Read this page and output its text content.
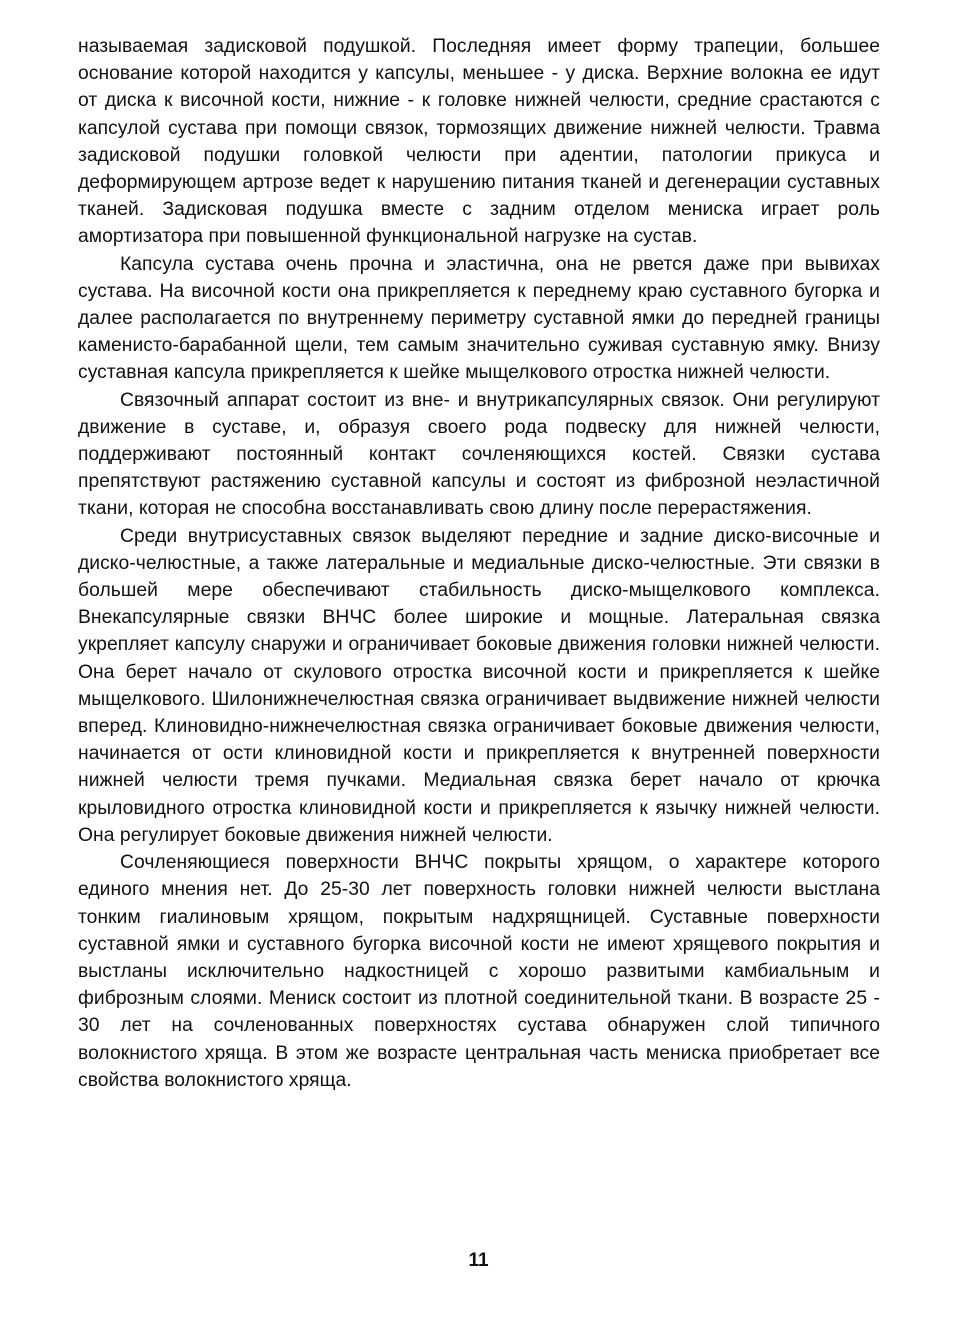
называемая задисковой подушкой. Последняя имеет форму трапеции, большее основание которой находится у капсулы, меньшее - у диска. Верхние волокна ее идут от диска к височной кости, нижние - к головке нижней челюсти, средние срастаются с капсулой сустава при помощи связок, тормозящих движение нижней челюсти. Травма задисковой подушки головкой челюсти при адентии, патологии прикуса и деформирующем артрозе ведет к нарушению питания тканей и дегенерации суставных тканей. Задисковая подушка вместе с задним отделом мениска играет роль амортизатора при повышенной функциональной нагрузке на сустав.

Капсула сустава очень прочна и эластична, она не рвется даже при вывихах сустава. На височной кости она прикрепляется к переднему краю суставного бугорка и далее располагается по внутреннему периметру суставной ямки до передней границы каменисто-барабанной щели, тем самым значительно суживая суставную ямку. Внизу суставная капсула прикрепляется к шейке мыщелкового отростка нижней челюсти.

Связочный аппарат состоит из вне- и внутрикапсулярных связок. Они регулируют движение в суставе, и, образуя своего рода подвеску для нижней челюсти, поддерживают постоянный контакт сочленяющихся костей. Связки сустава препятствуют растяжению суставной капсулы и состоят из фиброзной неэластичной ткани, которая не способна восстанавливать свою длину после перерастяжения.

Среди внутрисуставных связок выделяют передние и задние диско-височные и диско-челюстные, а также латеральные и медиальные диско-челюстные. Эти связки в большей мере обеспечивают стабильность диско-мыщелкового комплекса. Внекапсулярные связки ВНЧС более широкие и мощные. Латеральная связка укрепляет капсулу снаружи и ограничивает боковые движения головки нижней челюсти. Она берет начало от скулового отростка височной кости и прикрепляется к шейке мыщелкового. Шилонижнечелюстная связка ограничивает выдвижение нижней челюсти вперед. Клиновидно-нижнечелюстная связка ограничивает боковые движения челюсти, начинается от ости клиновидной кости и прикрепляется к внутренней поверхности нижней челюсти тремя пучками. Медиальная связка берет начало от крючка крыловидного отростка клиновидной кости и прикрепляется к язычку нижней челюсти. Она регулирует боковые движения нижней челюсти.

Сочленяющиеся поверхности ВНЧС покрыты хрящом, о характере которого единого мнения нет. До 25-30 лет поверхность головки нижней челюсти выстлана тонким гиалиновым хрящом, покрытым надхрящницей. Суставные поверхности суставной ямки и суставного бугорка височной кости не имеют хрящевого покрытия и выстланы исключительно надкостницей с хорошо развитыми камбиальным и фиброзным слоями. Мениск состоит из плотной соединительной ткани. В возрасте 25 - 30 лет на сочленованных поверхностях сустава обнаружен слой типичного волокнистого хряща. В этом же возрасте центральная часть мениска приобретает все свойства волокнистого хряща.

11
